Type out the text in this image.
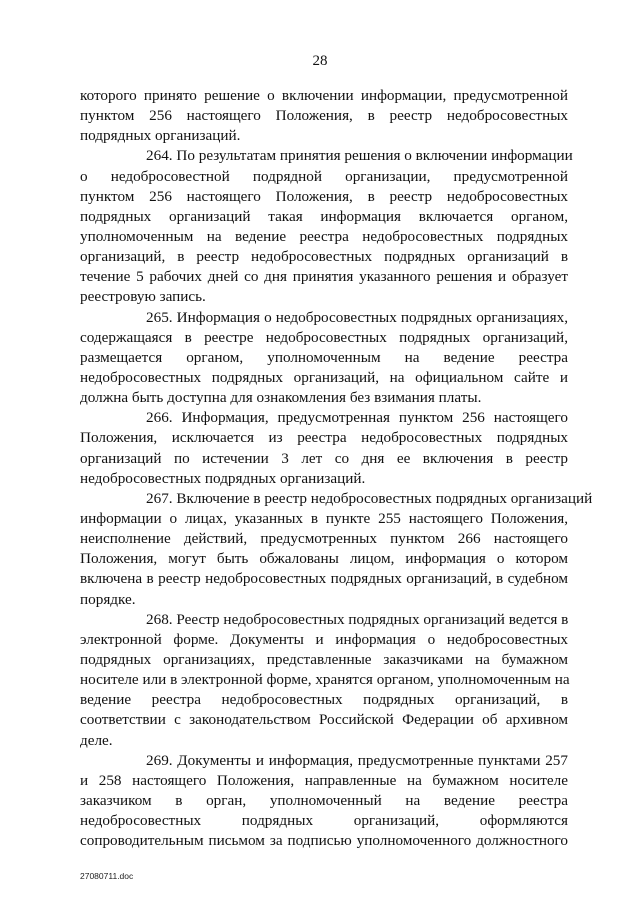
28
которого принято решение о включении информации, предусмотренной
пунктом 256 настоящего Положения, в реестр недобросовестных
подрядных организаций.
264. По результатам принятия решения о включении информации
о недобросовестной подрядной организации, предусмотренной
пунктом 256 настоящего Положения, в реестр недобросовестных
подрядных организаций такая информация включается органом,
уполномоченным на ведение реестра недобросовестных подрядных
организаций, в реестр недобросовестных подрядных организаций в
течение 5 рабочих дней со дня принятия указанного решения и образует
реестровую запись.
265. Информация о недобросовестных подрядных организациях,
содержащаяся в реестре недобросовестных подрядных организаций,
размещается органом, уполномоченным на ведение реестра
недобросовестных подрядных организаций, на официальном сайте и
должна быть доступна для ознакомления без взимания платы.
266. Информация, предусмотренная пунктом 256 настоящего
Положения, исключается из реестра недобросовестных подрядных
организаций по истечении 3 лет со дня ее включения в реестр
недобросовестных подрядных организаций.
267. Включение в реестр недобросовестных подрядных организаций
информации о лицах, указанных в пункте 255 настоящего Положения,
неисполнение действий, предусмотренных пунктом 266 настоящего
Положения, могут быть обжалованы лицом, информация о котором
включена в реестр недобросовестных подрядных организаций, в судебном
порядке.
268. Реестр недобросовестных подрядных организаций ведется в
электронной форме. Документы и информация о недобросовестных
подрядных организациях, представленные заказчиками на бумажном
носителе или в электронной форме, хранятся органом, уполномоченным на
ведение реестра недобросовестных подрядных организаций, в
соответствии с законодательством Российской Федерации об архивном
деле.
269. Документы и информация, предусмотренные пунктами 257
и 258 настоящего Положения, направленные на бумажном носителе
заказчиком в орган, уполномоченный на ведение реестра
недобросовестных подрядных организаций, оформляются
сопроводительным письмом за подписью уполномоченного должностного
27080711.doc
